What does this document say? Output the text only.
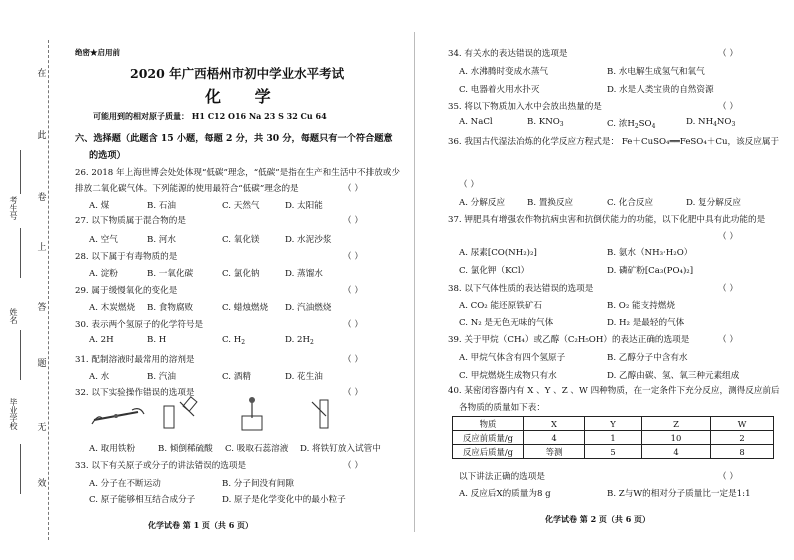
在
此
卷
上
答
题
无
效
考生号
姓名
毕业学校
绝密★启用前
2020 年广西梧州市初中学业水平考试
化 学
可能用到的相对原子质量： H1 C12 O16 Na 23 S 32 Cu 64
六、选择题（此题含 15 小题，每题 2 分，共 30 分，每题只有一个符合题意
的选项）
26. 2018 年上海世博会处处体现“低碳”理念，“低碳”是指在生产和生活中不排放或少
排放二氧化碳气体。下列能源的使用最符合“低碳”理念的是	（ ）
A. 煤	B. 石油	C. 天然气	D. 太阳能
27. 以下物质属于混合物的是	（ ）
A. 空气	B. 河水	C. 氧化镁	D. 水泥沙浆
28. 以下属于有毒物质的是	（ ）
A. 淀粉	B. 一氧化碳	C. 氯化钠	D. 蒸馏水
29. 属于缓慢氧化的变化是	（ ）
A. 木炭燃烧 B. 食物腐败	C. 蜡烛燃烧 D. 汽油燃烧
30. 表示两个氢原子的化学符号是	（ ）
A. 2H	B. H	C. $H_2$	D. $2H_2$
31. 配制溶液时最常用的溶剂是	（ ）
A. 水	B. 汽油	C. 酒精	D. 花生油
32. 以下实验操作错误的选项是	（ ）
A. 取用铁粉	B. 倾倒稀硫酸 C. 吸取石蕊溶液 D. 将铁钉放入试管中
33. 以下有关原子或分子的讲法错误的选项是	（ ）
A. 分子在不断运动	B. 分子间没有间隙
C. 原子能够相互结合成分子	D. 原子是化学变化中的最小粒子
化学试卷 第 1 页（共 6 页）
34. 有关水的表达错误的选项是	（ ）
A. 水沸腾时变成水蒸气	B. 水电解生成氢气和氧气
C. 电器着火用水扑灭	D. 水是人类宝贵的自然资源
35. 将以下物质加入水中会放出热量的是	（ ）
A. NaCl	B. $KNO_3$	C. 浓$H_2SO_4$	D. $NH_4NO_3$
36. 我国古代湿法冶炼的化学反应方程式是： Fe＋CuSO₄══FeSO₄＋Cu，该反应属于
（ ）
A. 分解反应	B. 置换反应	C. 化合反应	D. 复分解反应
37. 钾肥具有增强农作物抗病虫害和抗倒伏能力的功能，以下化肥中具有此功能的是
（ ）
A. 尿素[CO(NH₂)₂]	B. 氨水（NH₃·H₂O）
C. 氯化钾（KCl）	D. 磷矿粉[Ca₃(PO₄)₂]
38. 以下气体性质的表达错误的选项是	（ ）
A. CO₂ 能还原铁矿石	B. O₂ 能支持燃烧
C. N₂ 是无色无味的气体	D. H₂ 是最轻的气体
39. 关于甲烷（CH₄）或乙醇（C₂H₅OH）的表达正确的选项是	（ ）
A. 甲烷气体含有四个氢原子	B. 乙醇分子中含有水
C. 甲烷燃烧生成物只有水	D. 乙醇由碳、氢、氧三种元素组成
40. 某密闭容器内有 X 、Y 、Z 、W 四种物质，在一定条件下充分反应，测得反应前后
各物质的质量如下表：
物质	X	Y	Z	W
反应前质量/g	4	1	10	2
反应后质量/g	等测	5	4	8
以下讲法正确的选项是	（ ）
A. 反应后X的质量为8 g	B. Z与W的相对分子质量比一定是1:1
化学试卷 第 2 页（共 6 页）
